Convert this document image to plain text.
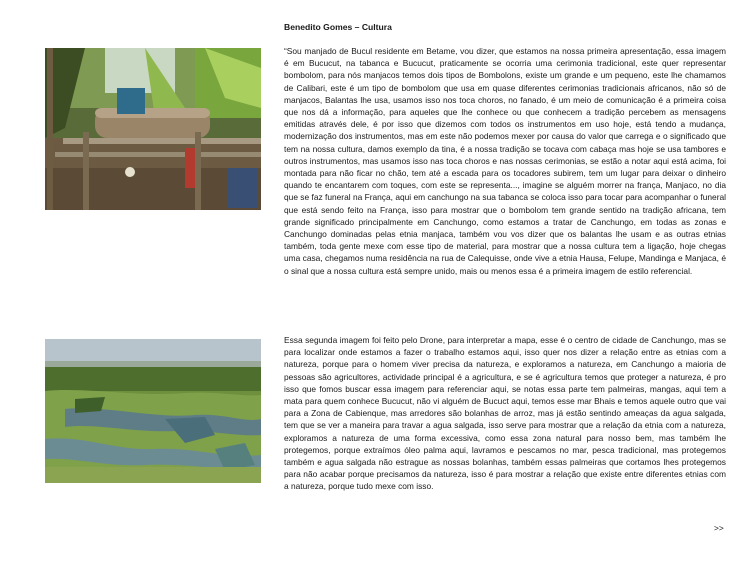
Benedito Gomes – Cultura

“Sou manjado de Bucul residente em Betame, vou dizer, que estamos na nossa primeira apresentação, essa imagem é em Bucucut, na tabanca e Bucucut, praticamente se ocorria uma cerimonia tradicional, este quer representar bombolom, para nós manjacos temos dois tipos de Bombolons, existe um grande e um pequeno, este lhe chamamos de Calibari, este é um tipo de bombolom que usa em quase diferentes cerimonias tradicionais africanos, não só de manjacos, Balantas lhe usa, usamos isso nos toca choros, no fanado, é um meio de comunicação é a primeira coisa que nos dá a informação, para aqueles que lhe conhece ou que conhecem a tradição percebem as mensagens emitidas através dele, é por isso que dizemos com todos os instrumentos em uso hoje, está tendo a mudança, modernização dos instrumentos, mas em este não podemos mexer por causa do valor que carrega e o significado que tem na nossa cultura, damos exemplo da tina, é a nossa tradição se tocava com cabaça mas hoje se usa tambores e outros instrumentos, mas usamos isso nas toca choros e nas nossas cerimonias, se estão a notar aqui está acima, foi montada para não ficar no chão, tem até a escada para os tocadores subirem, tem um lugar para deixar o dinheiro quando te encantarem com toques, com este se representa..., imagine se alguém morrer na frança, Manjaco, no dia que se faz funeral na França, aqui em canchungo na sua tabanca se coloca isso para tocar para acompanhar o funeral que está sendo feito na França, isso para mostrar que o bombolom tem grande sentido na tradição africana, tem grande significado principalmente em Canchungo, como estamos a tratar de Canchungo, em todas as zonas e Canchungo dominadas pelas etnia manjaca, também vou vos dizer que os balantas lhe usam e as outras etnias também, toda gente mexe com esse tipo de material, para mostrar que a nossa cultura tem a ligação, hoje chegas uma casa, chegamos numa residência na rua de Calequisse, onde vive a etnia Hausa, Felupe, Mandinga e Manjaca, é o sinal que a nossa cultura está sempre unido, mais ou menos essa é a primeira imagem de estilo referencial.

Essa segunda imagem foi feito pelo Drone, para interpretar a mapa, esse é o centro de cidade de Canchungo, mas se para localizar onde estamos a fazer o trabalho estamos aqui, isso quer nos dizer a relação entre as etnias com a natureza, porque para o homem viver precisa da natureza, e exploramos a natureza, em Canchungo a maioria de pessoas são agricultores, actividade principal é a agricultura, e se é agricultura temos que proteger a natureza, é pro isso que fomos buscar essa imagem para referenciar aqui, se notas essa parte tem palmeiras, mangas, aqui tem a mata para quem conhece Bucucut, não vi alguém de Bucuct aqui, temos esse mar Bhais e temos aquele outro que vai para a Zona de Cabienque, mas arredores são bolanhas de arroz, mas já estão sentindo ameaças da agua salgada, tem que se ver a maneira para travar a agua salgada, isso serve para mostrar que a relação da etnia com a natureza, exploramos a natureza de uma forma excessiva, como essa zona natural para nosso bem, mas também lhe protegemos, porque extraímos óleo palma aqui, lavramos e pescamos no mar, pesca tradicional, mas protegemos também e agua salgada não estrague as nossas bolanhas, também essas palmeiras que cortamos lhes protegemos para não acabar porque precisamos da natureza, isso é para mostrar a relação que existe entre diferentes etnias com a natureza, porque tudo mexe com isso.

>>
